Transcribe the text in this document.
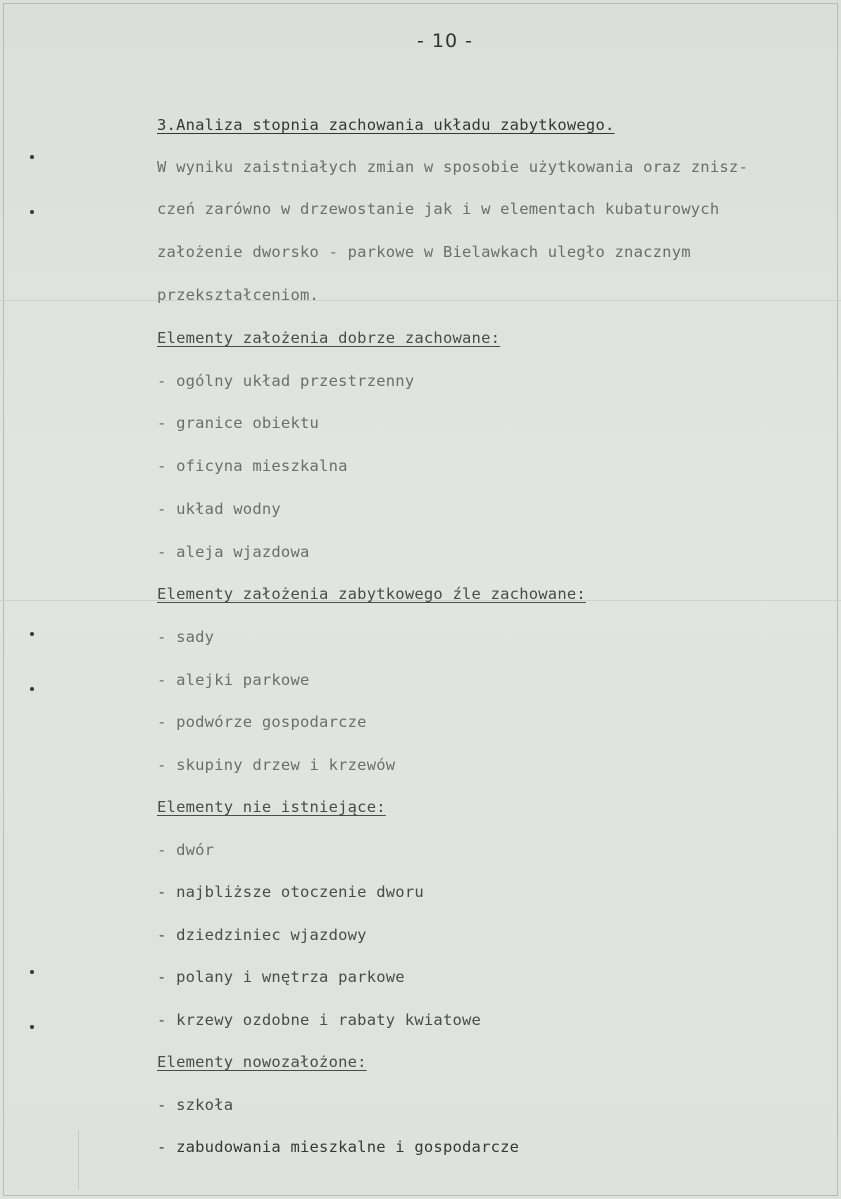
- 10 -
3.Analiza stopnia zachowania układu zabytkowego.
W wyniku zaistniałych zmian w sposobie użytkowania oraz znisz-
czeń zarówno w drzewostanie jak i w elementach kubaturowych
założenie dworsko - parkowe w Bielawkach uległo znacznym
przekształceniom.
Elementy założenia dobrze zachowane:
- ogólny układ przestrzenny
- granice obiektu
- oficyna mieszkalna
- układ wodny
- aleja wjazdowa
Elementy założenia zabytkowego źle zachowane:
- sady
- alejki parkowe
- podwórze gospodarcze
- skupiny drzew i krzewów
Elementy nie istniejące:
- dwór
- najbliższe otoczenie dworu
- dziedziniec wjazdowy
- polany i wnętrza parkowe
- krzewy ozdobne i rabaty kwiatowe
Elementy nowozałożone:
- szkoła
- zabudowania mieszkalne i gospodarcze
